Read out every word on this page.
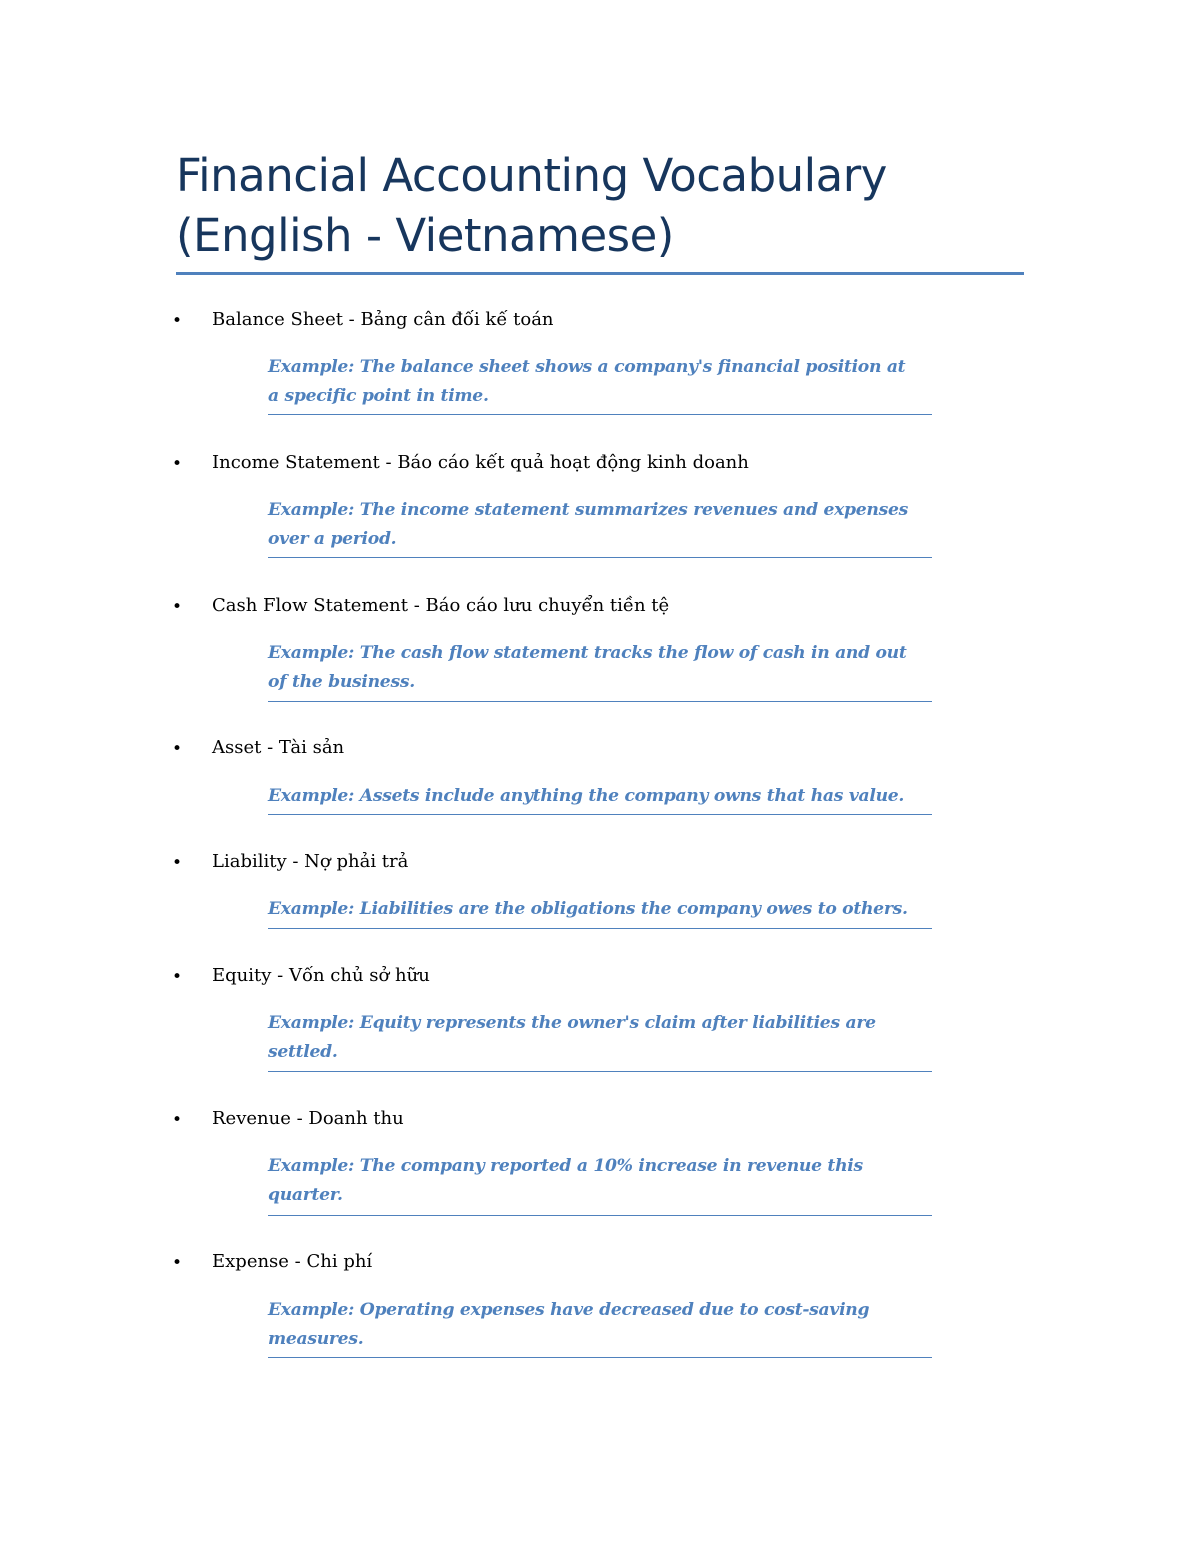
Financial Accounting Vocabulary
(English - Vietnamese)
• Balance Sheet - Bảng cân đối kế toán
Example: The balance sheet shows a company's financial position at
a specific point in time.
• Income Statement - Báo cáo kết quả hoạt động kinh doanh
Example: The income statement summarizes revenues and expenses
over a period.
• Cash Flow Statement - Báo cáo lưu chuyển tiền tệ
Example: The cash flow statement tracks the flow of cash in and out
of the business.
• Asset - Tài sản
Example: Assets include anything the company owns that has value.
• Liability - Nợ phải trả
Example: Liabilities are the obligations the company owes to others.
• Equity - Vốn chủ sở hữu
Example: Equity represents the owner's claim after liabilities are
settled.
• Revenue - Doanh thu
Example: The company reported a 10% increase in revenue this
quarter.
• Expense - Chi phí
Example: Operating expenses have decreased due to cost-saving
measures.
